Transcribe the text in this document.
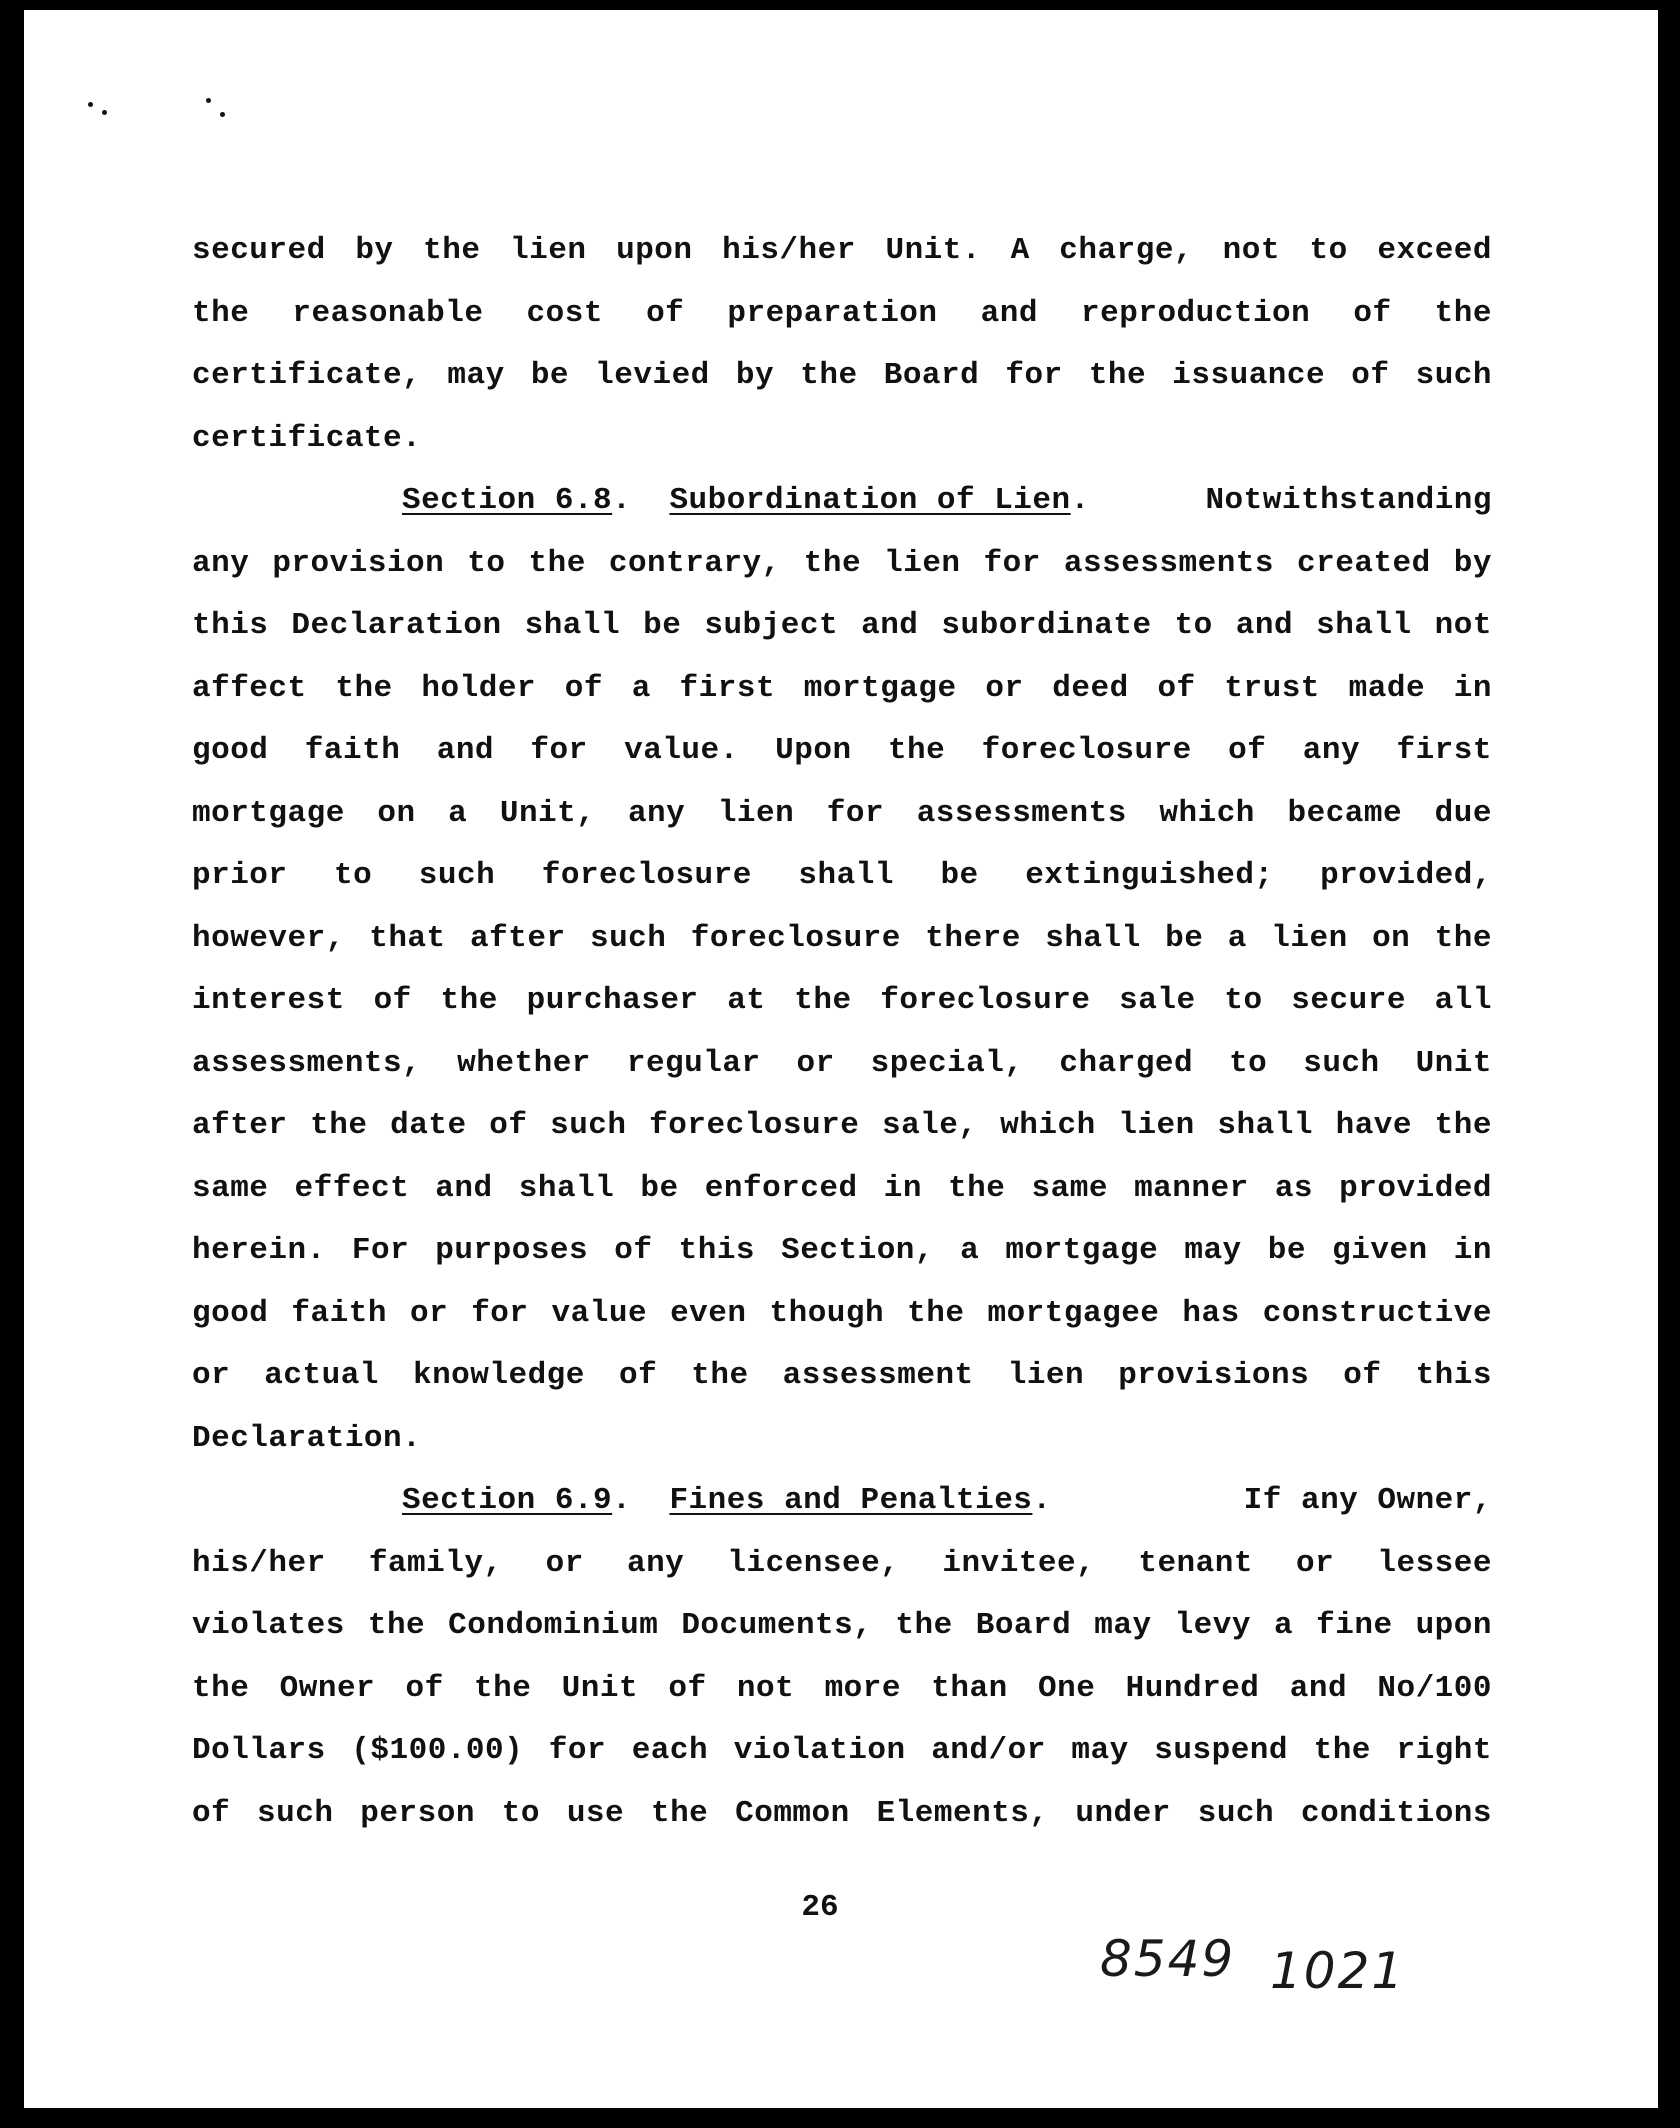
secured by the lien upon his/her Unit. A charge, not to exceed
the reasonable cost of preparation and reproduction of the
certificate, may be levied by the Board for the issuance of such
certificate.
Section 6.8.  Subordination of Lien.	Notwithstanding
any provision to the contrary, the lien for assessments created by
this Declaration shall be subject and subordinate to and shall not
affect the holder of a first mortgage or deed of trust made in
good faith and for value. Upon the foreclosure of any first
mortgage on a Unit, any lien for assessments which became due
prior to such foreclosure shall be extinguished; provided,
however, that after such foreclosure there shall be a lien on the
interest of the purchaser at the foreclosure sale to secure all
assessments, whether regular or special, charged to such Unit
after the date of such foreclosure sale, which lien shall have the
same effect and shall be enforced in the same manner as provided
herein. For purposes of this Section, a mortgage may be given in
good faith or for value even though the mortgagee has constructive
or actual knowledge of the assessment lien provisions of this
Declaration.
Section 6.9.  Fines and Penalties.	If any Owner,
his/her family, or any licensee, invitee, tenant or lessee
violates the Condominium Documents, the Board may levy a fine upon
the Owner of the Unit of not more than One Hundred and No/100
Dollars ($100.00) for each violation and/or may suspend the right
of such person to use the Common Elements, under such conditions
26
8549 1021
